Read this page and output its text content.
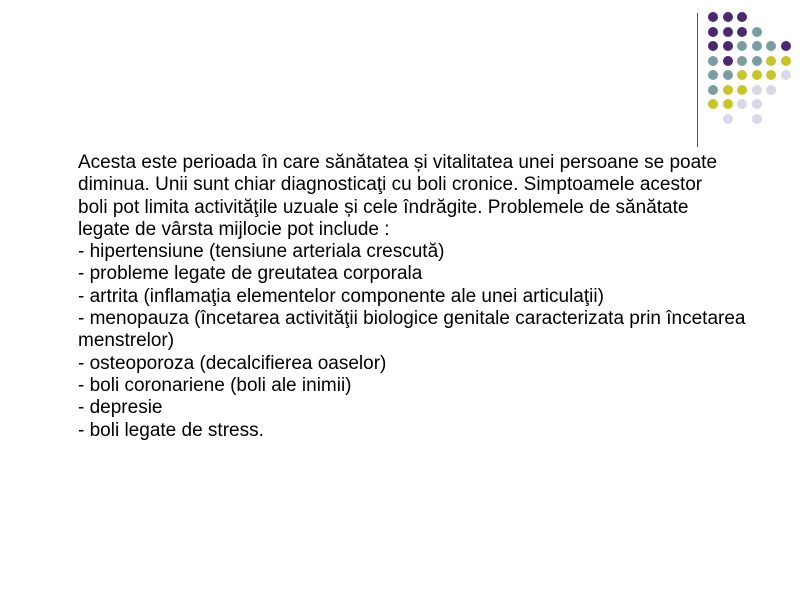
Acesta este perioada în care sănătatea și vitalitatea unei persoane se poate diminua. Unii sunt chiar diagnosticaţi cu boli cronice. Simptoamele acestor boli pot limita activităţile uzuale și cele îndrăgite. Problemele de sănătate legate de vârsta mijlocie pot include :
- hipertensiune (tensiune arteriala crescută)
- probleme legate de greutatea corporala
- artrita (inflamaţia elementelor componente ale unei articulaţii)
- menopauza (încetarea activităţii biologice genitale caracterizata prin încetarea menstrelor)
- osteoporoza (decalcifierea oaselor)
- boli coronariene (boli ale inimii)
- depresie
- boli legate de stress.
